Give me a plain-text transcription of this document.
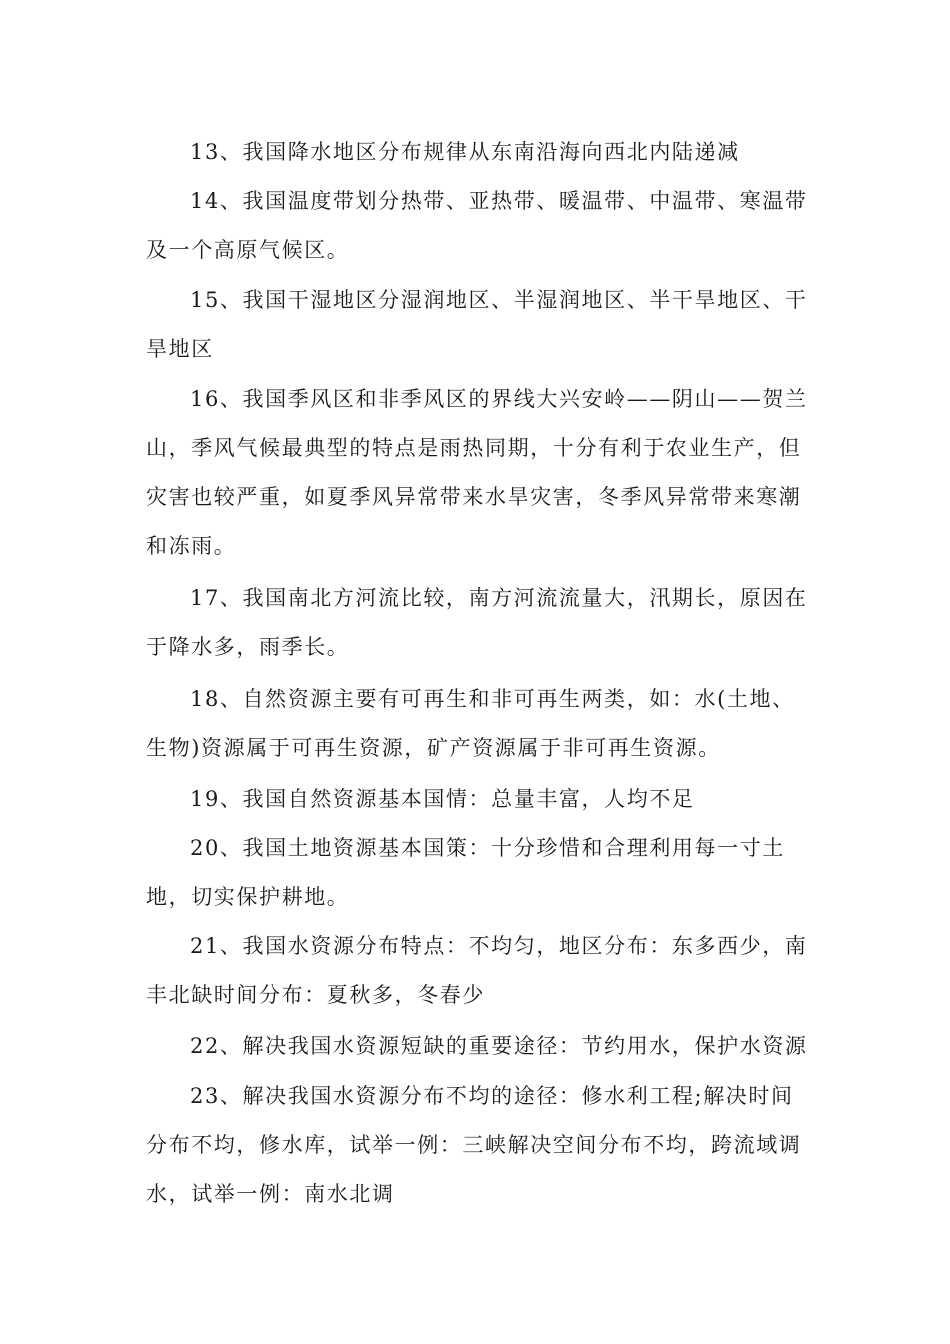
13、我国降水地区分布规律从东南沿海向西北内陆递减

14、我国温度带划分热带、亚热带、暖温带、中温带、寒温带及一个高原气候区。

15、我国干湿地区分湿润地区、半湿润地区、半干旱地区、干旱地区

16、我国季风区和非季风区的界线大兴安岭——阴山——贺兰山，季风气候最典型的特点是雨热同期，十分有利于农业生产，但灾害也较严重，如夏季风异常带来水旱灾害，冬季风异常带来寒潮和冻雨。

17、我国南北方河流比较，南方河流流量大，汛期长，原因在于降水多，雨季长。

18、自然资源主要有可再生和非可再生两类，如：水(土地、生物)资源属于可再生资源，矿产资源属于非可再生资源。

19、我国自然资源基本国情：总量丰富，人均不足

20、我国土地资源基本国策：十分珍惜和合理利用每一寸土地，切实保护耕地。

21、我国水资源分布特点：不均匀，地区分布：东多西少，南丰北缺时间分布：夏秋多，冬春少

22、解决我国水资源短缺的重要途径：节约用水，保护水资源

23、解决我国水资源分布不均的途径：修水利工程;解决时间分布不均，修水库，试举一例：三峡解决空间分布不均，跨流域调水，试举一例：南水北调
